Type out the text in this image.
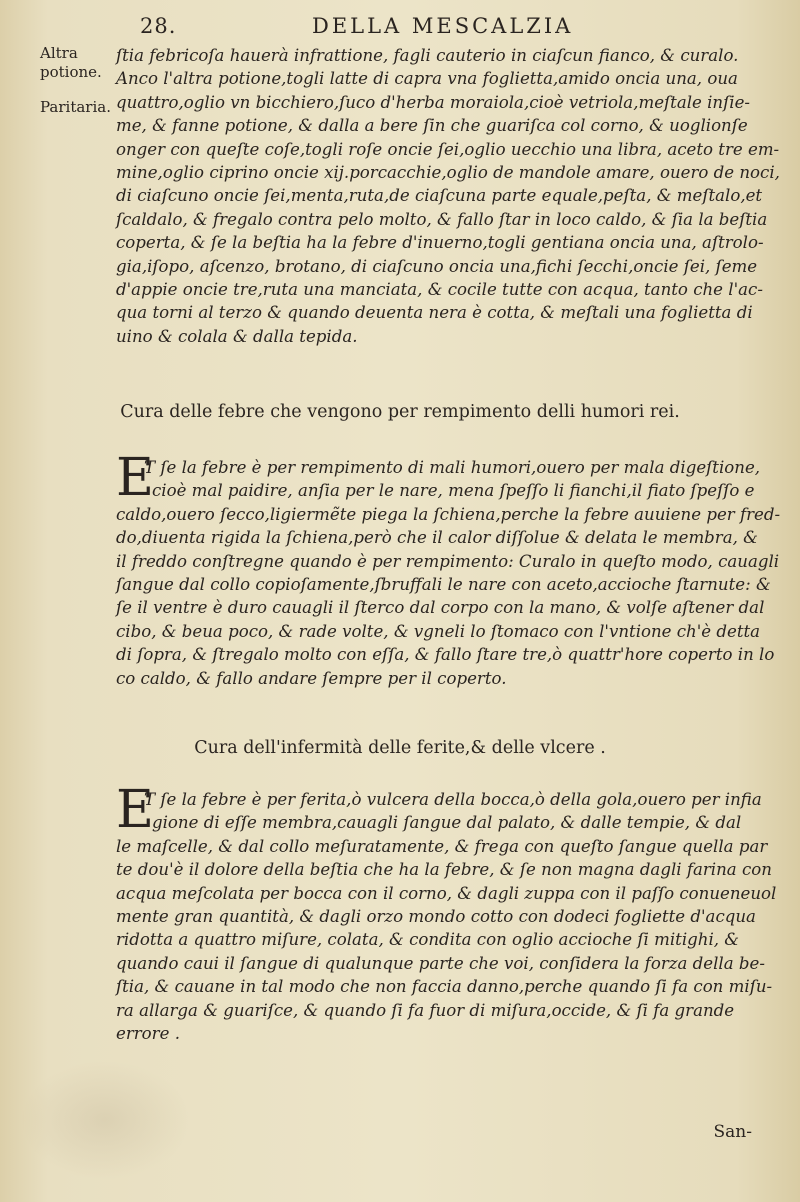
28.	DELLA MESCALZIA
Altra potione.
Paritaria.
ſtia febricoſa hauerà infrattione, fagli cauterio in ciaſcun fianco, & curalo.
Anco l'altra potione,togli latte di capra vna foglietta,amido oncia una, oua
quattro,oglio vn bicchiero,ſuco d'herba moraiola,cioè vetriola,meſtale inſie-
me, & fanne potione, & dalla a bere ſin che guariſca col corno, & uoglionſe
onger con queſte coſe,togli roſe oncie ſei,oglio uecchio una libra, aceto tre em-
mine,oglio ciprino oncie xij.porcacchie,oglio de mandole amare, ouero de noci,
di ciaſcuno oncie ſei,menta,ruta,de ciaſcuna parte equale,peſta, & meſtalo,et
ſcaldalo, & fregalo contra pelo molto, & fallo ſtar in loco caldo, & ſia la beſtia
coperta, & ſe la beſtia ha la febre d'inuerno,togli gentiana oncia una, aſtrolo-
gia,iſopo, aſcenzo, brotano, di ciaſcuno oncia una,fichi ſecchi,oncie ſei, ſeme
d'appie oncie tre,ruta una manciata, & cocile tutte con acqua, tanto che l'ac-
qua torni al terzo & quando deuenta nera è cotta, & meſtali una foglietta di
uino & colala & dalla tepida.
Cura delle febre che vengono per rempimento delli humori rei.
E
T ſe la febre è per rempimento di mali humori,ouero per mala digeſtione,
cioè mal paidire, anſia per le nare, mena ſpeſſo li fianchi,il fiato ſpeſſo e
caldo,ouero ſecco,ligiermẽte piega la ſchiena,perche la febre auuiene per fred-
do,diuenta rigida la ſchiena,però che il calor diſſolue & delata le membra, &
il freddo conſtregne quando è per rempimento: Curalo in queſto modo, cauagli
ſangue dal collo copioſamente,ſbruffali le nare con aceto,accioche ſtarnute: &
ſe il ventre è duro cauagli il ſterco dal corpo con la mano, & volſe aſtener dal
cibo, & beua poco, & rade volte, & vgneli lo ſtomaco con l'vntione ch'è detta
di ſopra, & ſtregalo molto con eſſa, & fallo ſtare tre,ò quattr'hore coperto in lo
co caldo, & fallo andare ſempre per il coperto.
Cura dell'infermità delle ferite,& delle vlcere .
E
T ſe la febre è per ferita,ò vulcera della bocca,ò della gola,ouero per infia
gione di eſſe membra,cauagli ſangue dal palato, & dalle tempie, & dal
le maſcelle, & dal collo meſuratamente, & frega con queſto ſangue quella par
te dou'è il dolore della beſtia che ha la febre, & ſe non magna dagli farina con
acqua meſcolata per bocca con il corno, & dagli zuppa con il paſſo conueneuol
mente gran quantità, & dagli orzo mondo cotto con dodeci fogliette d'acqua
ridotta a quattro miſure, colata, & condita con oglio accioche ſi mitighi, &
quando caui il ſangue di qualunque parte che voi, conſidera la forza della be-
ſtia, & cauane in tal modo che non faccia danno,perche quando ſi fa con miſu-
ra allarga & guariſce, & quando ſi fa fuor di miſura,occide, & ſi fa grande
errore .
San-
